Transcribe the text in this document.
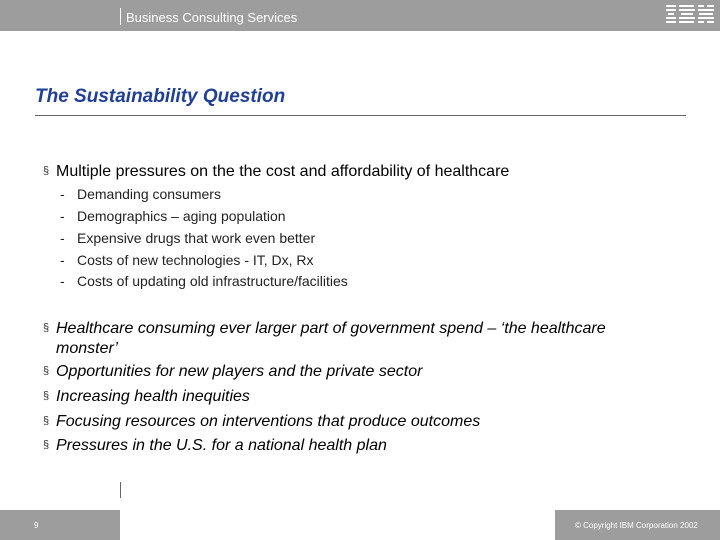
Business Consulting Services
The Sustainability Question
§ Multiple pressures on the the cost and affordability of healthcare
- Demanding consumers
- Demographics – aging population
- Expensive drugs that work even better
- Costs of new technologies - IT, Dx, Rx
- Costs of updating old infrastructure/facilities
§ Healthcare consuming ever larger part of government spend – ‘the healthcare
monster’
§ Opportunities for new players and the private sector
§ Increasing health inequities
§ Focusing resources on interventions that produce outcomes
§ Pressures in the U.S. for a national health plan
9	© Copyright IBM Corporation 2002
